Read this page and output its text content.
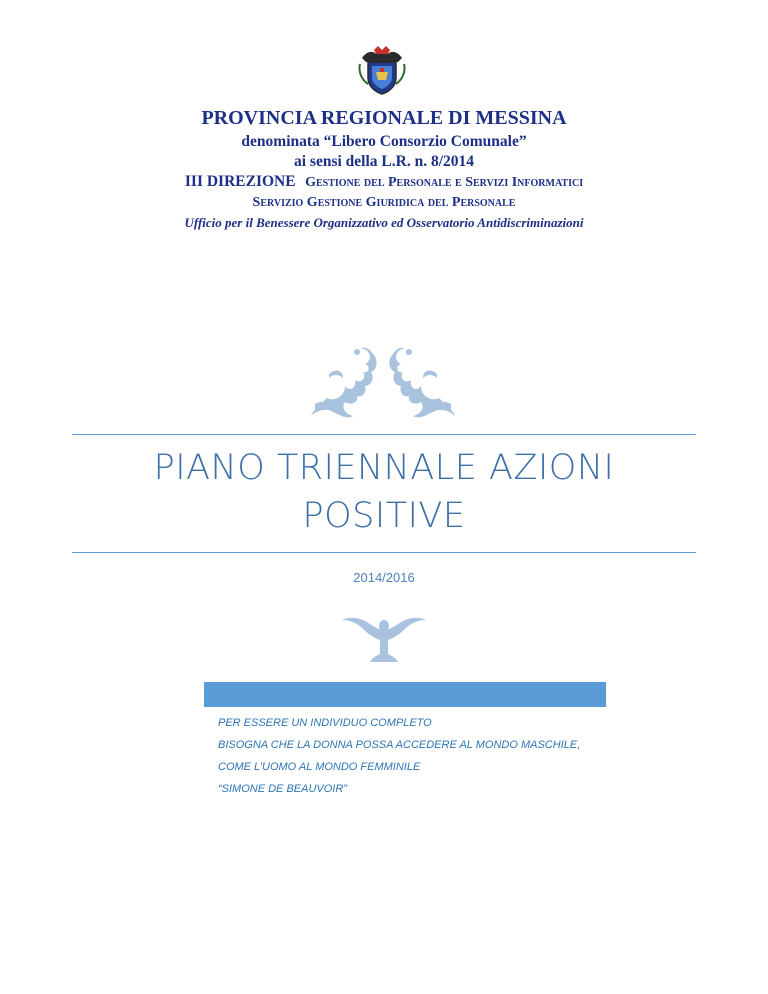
PROVINCIA REGIONALE DI MESSINA
denominata “Libero Consorzio Comunale”
ai sensi della L.R. n. 8/2014
III DIREZIONE Gestione del Personale e Servizi Informatici
Servizio Gestione Giuridica del Personale
Ufficio per il Benessere Organizzativo ed Osservatorio Antidiscriminazioni
PIANO TRIENNALE AZIONI
POSITIVE
2014/2016
PER ESSERE UN INDIVIDUO COMPLETO
BISOGNA CHE LA DONNA POSSA ACCEDERE AL MONDO MASCHILE,
COME L’UOMO AL MONDO FEMMINILE
“SIMONE DE BEAUVOIR”
